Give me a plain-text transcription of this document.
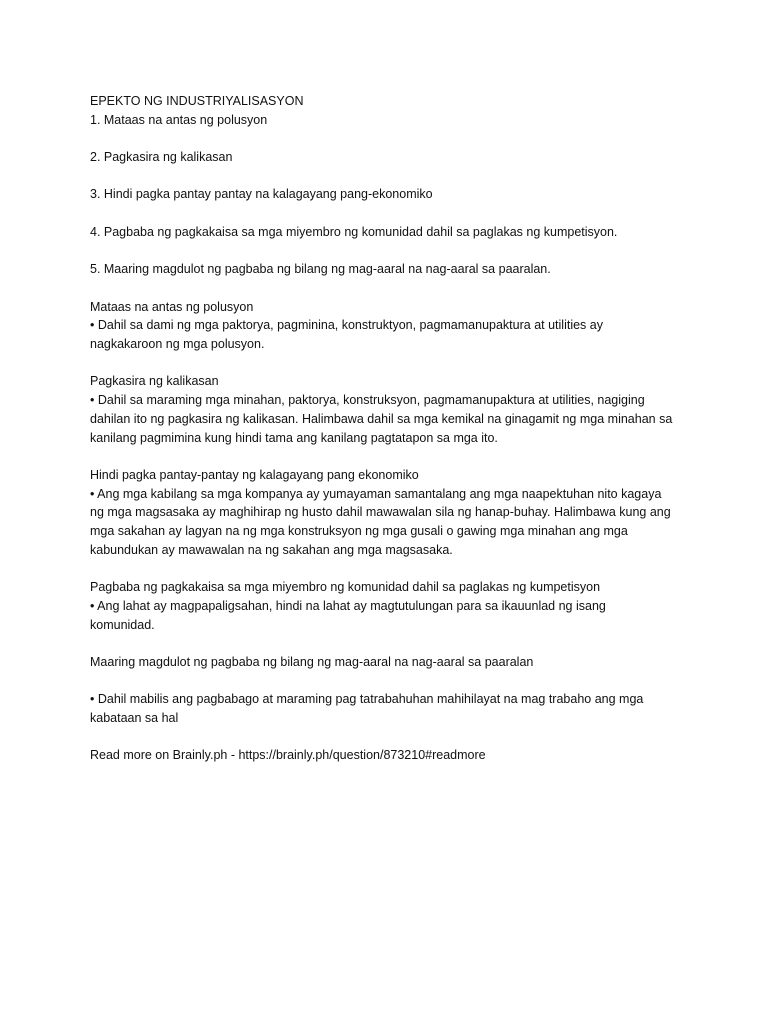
EPEKTO NG INDUSTRIYALISASYON

1. Mataas na antas ng polusyon

2. Pagkasira ng kalikasan

3. Hindi pagka pantay pantay na kalagayang pang-ekonomiko

4. Pagbaba ng pagkakaisa sa mga miyembro ng komunidad dahil sa paglakas ng kumpetisyon.

5. Maaring magdulot ng pagbaba ng bilang ng mag-aaral na nag-aaral sa paaralan.

Mataas na antas ng polusyon

• Dahil sa dami ng mga paktorya, pagminina, konstruktyon, pagmamanupaktura at utilities ay

nagkakaroon ng mga polusyon.

Pagkasira ng kalikasan

• Dahil sa maraming mga minahan, paktorya, konstruksyon, pagmamanupaktura at utilities, nagiging

dahilan ito ng pagkasira ng kalikasan. Halimbawa dahil sa mga kemikal na ginagamit ng mga minahan sa

kanilang pagmimina kung hindi tama ang kanilang pagtatapon sa mga ito.

Hindi pagka pantay-pantay ng kalagayang pang ekonomiko

• Ang mga kabilang sa mga kompanya ay yumayaman samantalang ang mga naapektuhan nito kagaya

ng mga magsasaka ay maghihirap ng husto dahil mawawalan sila ng hanap-buhay. Halimbawa kung ang

mga sakahan ay lagyan na ng mga konstruksyon ng mga gusali o gawing mga minahan ang mga

kabundukan ay mawawalan na ng sakahan ang mga magsasaka.

Pagbaba ng pagkakaisa sa mga miyembro ng komunidad dahil sa paglakas ng kumpetisyon

• Ang lahat ay magpapaligsahan, hindi na lahat ay magtutulungan para sa ikauunlad ng isang

komunidad.

Maaring magdulot ng pagbaba ng bilang ng mag-aaral na nag-aaral sa paaralan

• Dahil mabilis ang pagbabago at maraming pag tatrabahuhan mahihilayat na mag trabaho ang mga

kabataan sa hal

Read more on Brainly.ph - https://brainly.ph/question/873210#readmore
